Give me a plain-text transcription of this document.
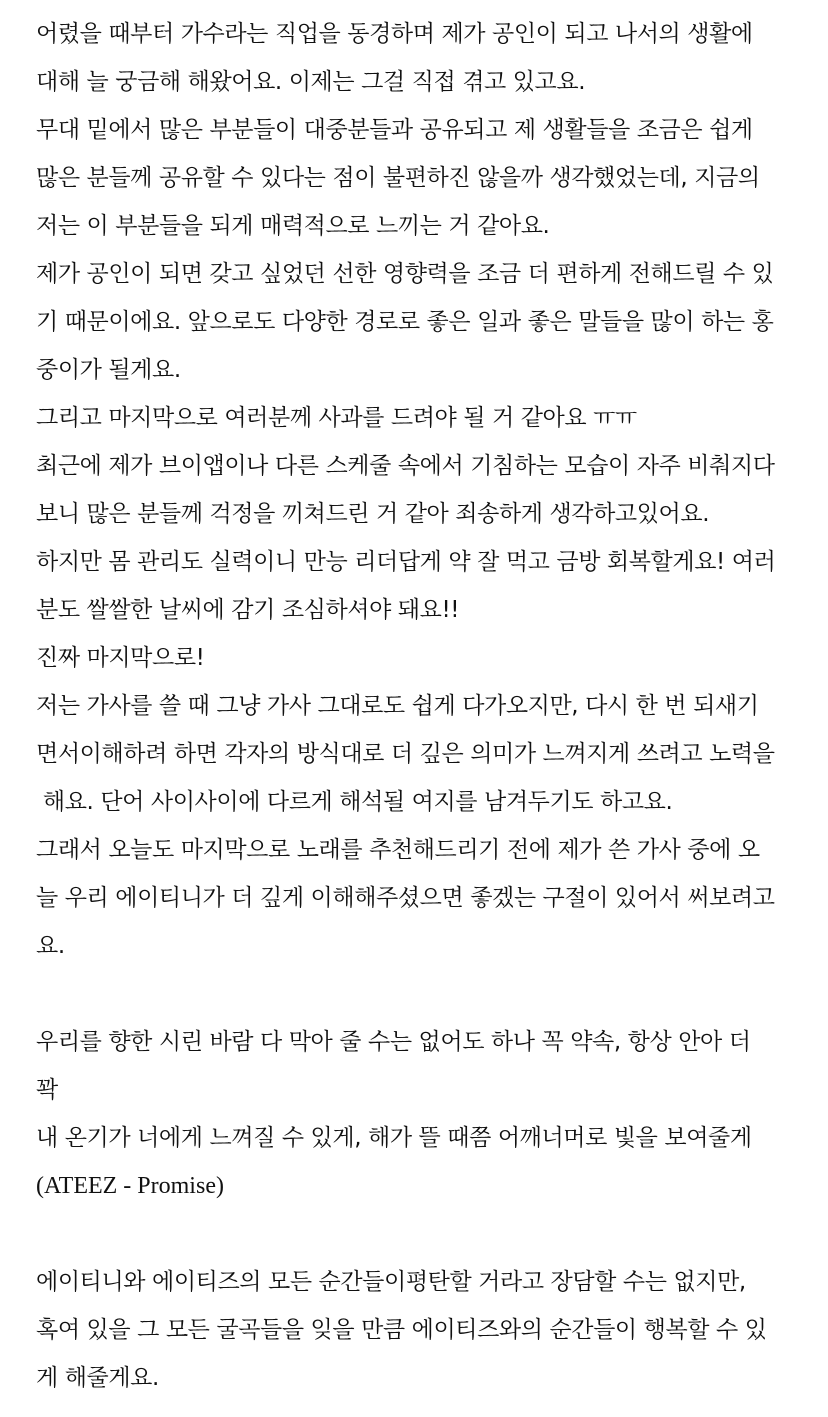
어렸을 때부터 가수라는 직업을 동경하며 제가 공인이 되고 나서의 생활에
대해 늘 궁금해 해왔어요. 이제는 그걸 직접 겪고 있고요.
무대 밑에서 많은 부분들이 대중분들과 공유되고 제 생활들을 조금은 쉽게
많은 분들께 공유할 수 있다는 점이 불편하진 않을까 생각했었는데, 지금의
저는 이 부분들을 되게 매력적으로 느끼는 거 같아요.
제가 공인이 되면 갖고 싶었던 선한 영향력을 조금 더 편하게 전해드릴 수 있
기 때문이에요. 앞으로도 다양한 경로로 좋은 일과 좋은 말들을 많이 하는 홍
중이가 될게요.
그리고 마지막으로 여러분께 사과를 드려야 될 거 같아요 ㅠㅠ
최근에 제가 브이앱이나 다른 스케줄 속에서 기침하는 모습이 자주 비춰지다
보니 많은 분들께 걱정을 끼쳐드린 거 같아 죄송하게 생각하고있어요.
하지만 몸 관리도 실력이니 만능 리더답게 약 잘 먹고 금방 회복할게요! 여러
분도 쌀쌀한 날씨에 감기 조심하셔야 돼요!!
진짜 마지막으로!
저는 가사를 쓸 때 그냥 가사 그대로도 쉽게 다가오지만, 다시 한 번 되새기
면서이해하려 하면 각자의 방식대로 더 깊은 의미가 느껴지게 쓰려고 노력을
해요. 단어 사이사이에 다르게 해석될 여지를 남겨두기도 하고요.
그래서 오늘도 마지막으로 노래를 추천해드리기 전에 제가 쓴 가사 중에 오
늘 우리 에이티니가 더 깊게 이해해주셨으면 좋겠는 구절이 있어서 써보려고
요.
우리를 향한 시린 바람 다 막아 줄 수는 없어도 하나 꼭 약속, 항상 안아 더
꽉
내 온기가 너에게 느껴질 수 있게, 해가 뜰 때쯤 어깨너머로 빛을 보여줄게
(ATEEZ - Promise)
에이티니와 에이티즈의 모든 순간들이평탄할 거라고 장담할 수는 없지만,
혹여 있을 그 모든 굴곡들을 잊을 만큼 에이티즈와의 순간들이 행복할 수 있
게 해줄게요.
